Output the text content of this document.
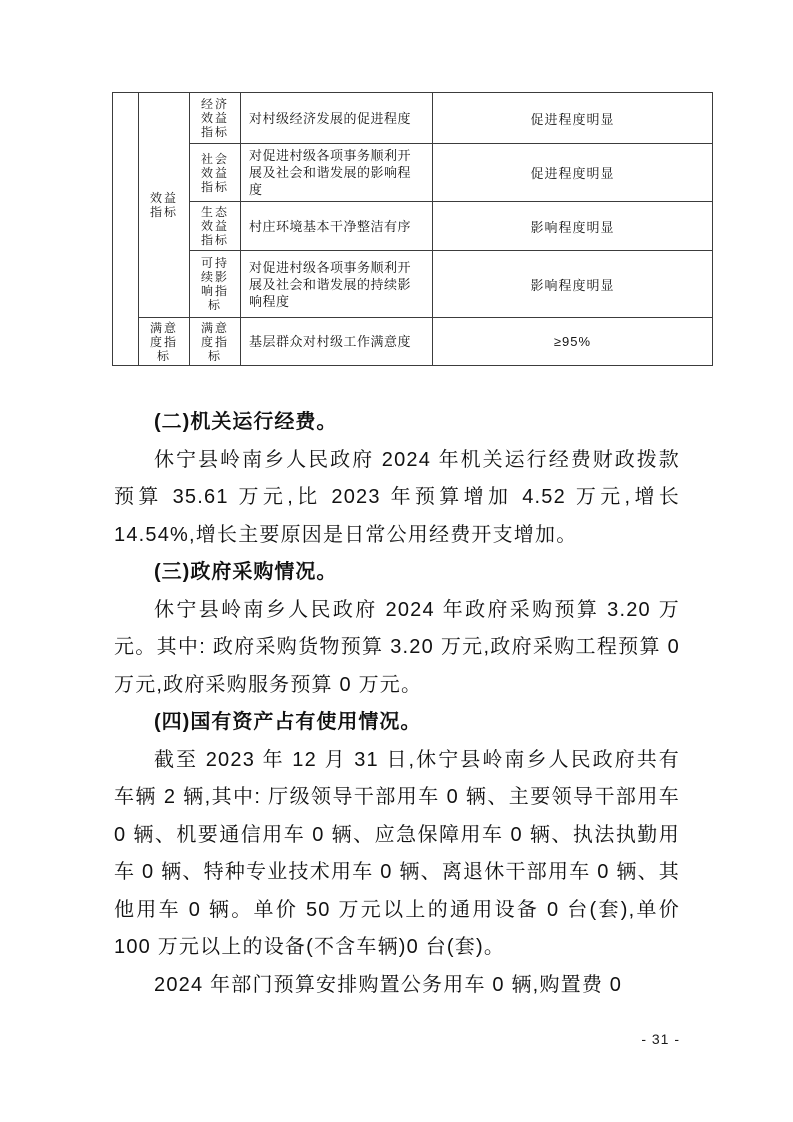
	效益指标	经济效益指标	对村级经济发展的促进程度	促进程度明显
		社会效益指标	对促进村级各项事务顺利开展及社会和谐发展的影响程度	促进程度明显
		生态效益指标	村庄环境基本干净整洁有序	影响程度明显
		可持续影响指标	对促进村级各项事务顺利开展及社会和谐发展的持续影响程度	影响程度明显
	满意度指标	满意度指标	基层群众对村级工作满意度	≥95%
(二)机关运行经费。

休宁县岭南乡人民政府 2024 年机关运行经费财政拨款预算 35.61 万元,比 2023 年预算增加 4.52 万元,增长 14.54%,增长主要原因是日常公用经费开支增加。

(三)政府采购情况。

休宁县岭南乡人民政府 2024 年政府采购预算 3.20 万元。其中: 政府采购货物预算 3.20 万元,政府采购工程预算 0 万元,政府采购服务预算 0 万元。

(四)国有资产占有使用情况。

截至 2023 年 12 月 31 日,休宁县岭南乡人民政府共有车辆 2 辆,其中: 厅级领导干部用车 0 辆、主要领导干部用车 0 辆、机要通信用车 0 辆、应急保障用车 0 辆、执法执勤用车 0 辆、特种专业技术用车 0 辆、离退休干部用车 0 辆、其他用车 0 辆。单价 50 万元以上的通用设备 0 台(套),单价 100 万元以上的设备(不含车辆)0 台(套)。

2024 年部门预算安排购置公务用车 0 辆,购置费 0

- 31 -
